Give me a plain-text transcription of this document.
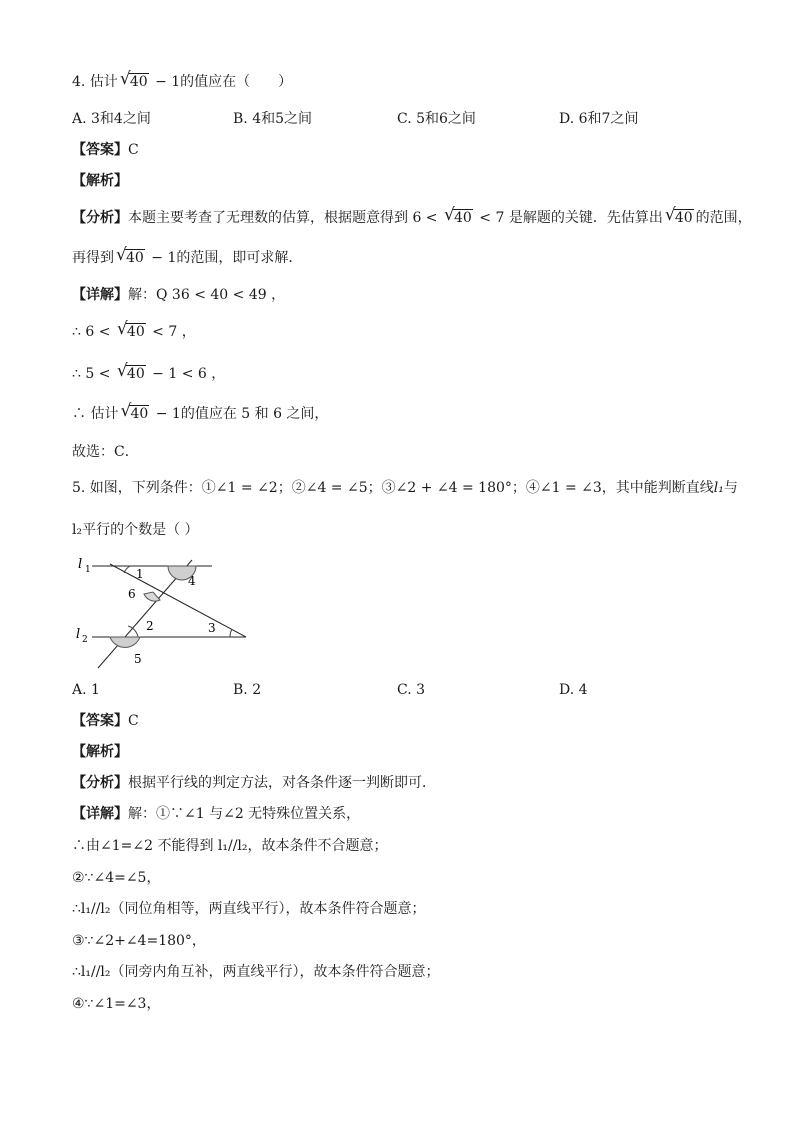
4. 估计 √ 40 − 1的值应在（　　）
A. 3和4之间	B. 4和5之间	C. 5和6之间	D. 6和7之间
【答案】C
【解析】
【分析】本题主要考查了无理数的估算，根据题意得到 6 < √ 40 < 7 是解题的关键．先估算出 √ 40 的范围，
再得到 √ 40 − 1的范围，即可求解．
【详解】解：Q 36 < 40 < 49 ，
∴ 6 < √ 40 < 7 ，
∴ 5 < √ 40 − 1 < 6 ，
∴ 估计 √ 40 − 1的值应在 5 和 6 之间，
故选：C．
5. 如图，下列条件：①∠1 = ∠2；②∠4 = ∠5；③∠2 + ∠4 = 180°；④∠1 = ∠3，其中能判断直线l₁与
l₂平行的个数是（ ）
l 1
l 2
1	4
6
2	3
5
A. 1	B. 2	C. 3	D. 4
【答案】C
【解析】
【分析】根据平行线的判定方法，对各条件逐一判断即可．
【详解】解：①∵∠1 与∠2 无特殊位置关系，
∴由∠1=∠2 不能得到 l₁//l₂，故本条件不合题意；
②∵∠4=∠5，
∴l₁//l₂（同位角相等，两直线平行），故本条件符合题意；
③∵∠2+∠4=180°，
∴l₁//l₂（同旁内角互补，两直线平行），故本条件符合题意；
④∵∠1=∠3，
